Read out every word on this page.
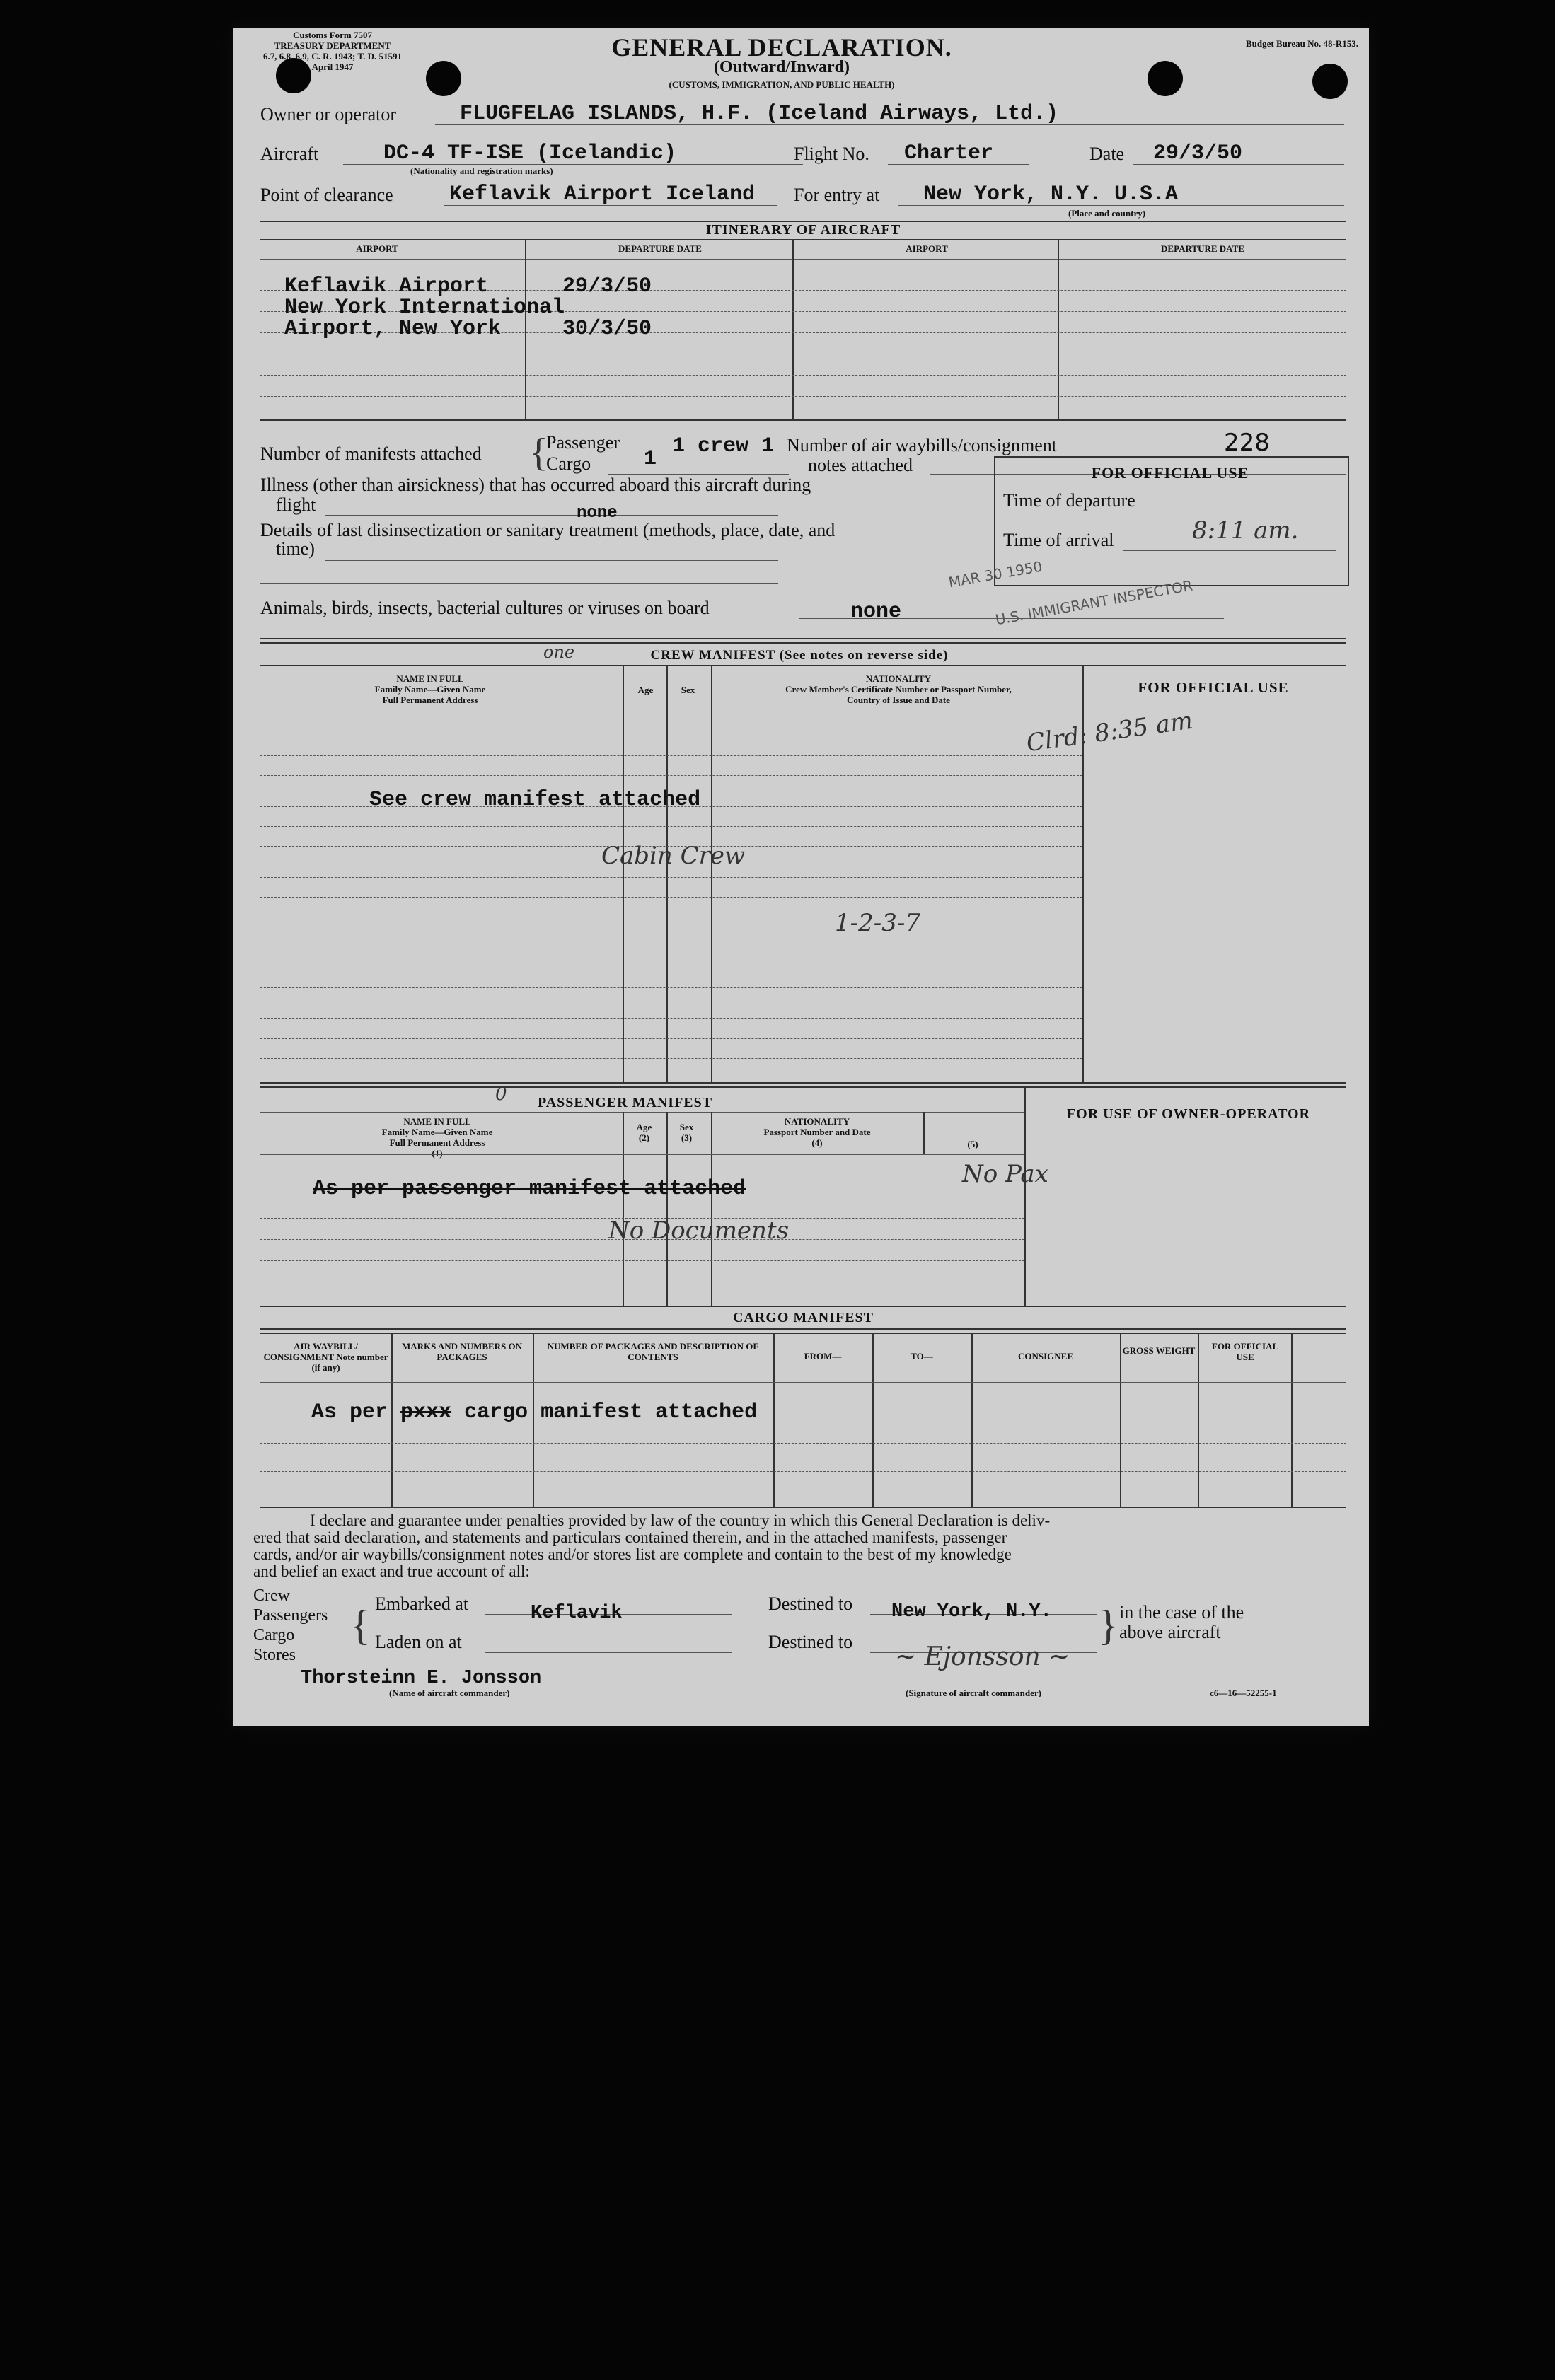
Customs Form 7507
TREASURY DEPARTMENT
6.7, 6.8, 6.9, C. R. 1943; T. D. 51591
April 1947
GENERAL DECLARATION.
(Outward/Inward)
(CUSTOMS, IMMIGRATION, AND PUBLIC HEALTH)
Budget Bureau No. 48-R153.
Owner or operator	FLUGFELAG ISLANDS, H.F. (Iceland Airways, Ltd.)
Aircraft	DC-4 TF-ISE (Icelandic)
(Nationality and registration marks)
Flight No. Charter	Date 29/3/50
Point of clearance	Keflavik Airport Iceland For entry at New York, N.Y. U.S.A
(Place and country)
ITINERARY OF AIRCRAFT
AIRPORT	DEPARTURE DATE	AIRPORT	DEPARTURE DATE
Keflavik Airport	29/3/50
New York International
Airport, New York	30/3/50
Number of manifests attached {
Passenger 1 crew 1
Cargo 1
Number of air waybills/consignment
notes attached
228
Illness (other than airsickness) that has occurred aboard this aircraft during
flight	none
Details of last disinsectization or sanitary treatment (methods, place, date, and
time)
Animals, birds, insects, bacterial cultures or viruses on board	none
FOR OFFICIAL USE
Time of departure
Time of arrival	8:11 am.
MAR 30 1950
U.S. IMMIGRANT INSPECTOR
one	CREW MANIFEST (See notes on reverse side)
NAME IN FULL
Family Name—Given Name
Full Permanent Address
Age	Sex
NATIONALITY
Crew Member's Certificate Number or Passport Number,
Country of Issue and Date
FOR OFFICIAL USE
See crew manifest attached
Clrd: 8:35 am
Cabin Crew
1-2-3-7
0 PASSENGER MANIFEST
FOR USE OF OWNER-OPERATOR
NAME IN FULL
Family Name—Given Name
Full Permanent Address
(1)
Age
(2)
Sex
(3)
NATIONALITY
Passport Number and Date
(4)	(5)
As per passenger manifest attached
No Pax
No Documents
CARGO MANIFEST
AIR WAYBILL/ CONSIGNMENT Note number (if any)
MARKS AND NUMBERS ON PACKAGES
NUMBER OF PACKAGES AND DESCRIPTION OF CONTENTS	FROM—	TO—	CONSIGNEE
GROSS WEIGHT	FOR OFFICIAL USE
As per pxxx cargo manifest attached
I declare and guarantee under penalties provided by law of the country in which this General Declaration is deliv-
ered that said declaration, and statements and particulars contained therein, and in the attached manifests, passenger
cards, and/or air waybills/consignment notes and/or stores list are complete and contain to the best of my knowledge
and belief an exact and true account of all:
Crew
Passengers
Cargo
Stores
{ Embarked at	Keflavik
Laden on at
Destined to New York, N.Y.
Destined to	} in the case of the
above aircraft
~ Ejonsson ~
Thorsteinn E. Jonsson
(Name of aircraft commander)	(Signature of aircraft commander)	c6—16—52255-1
